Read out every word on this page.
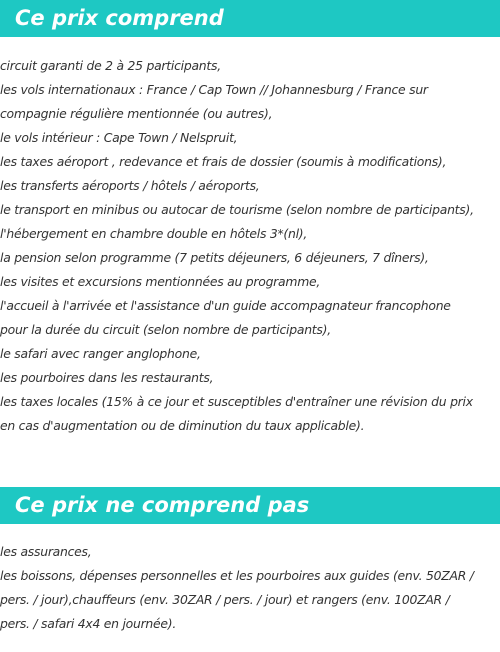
Ce prix comprend
circuit garanti de 2 à 25 participants,
les vols internationaux : France / Cap Town // Johannesburg / France sur
compagnie régulière mentionnée (ou autres),
le vols intérieur : Cape Town / Nelspruit,
les taxes aéroport , redevance et frais de dossier (soumis à modifications),
les transferts aéroports / hôtels / aéroports,
le transport en minibus ou autocar de tourisme (selon nombre de participants),
l'hébergement en chambre double en hôtels 3*(nl),
la pension selon programme (7 petits déjeuners, 6 déjeuners, 7 dîners),
les visites et excursions mentionnées au programme,
l'accueil à l'arrivée et l'assistance d'un guide accompagnateur francophone
pour la durée du circuit (selon nombre de participants),
le safari avec ranger anglophone,
les pourboires dans les restaurants,
les taxes locales (15% à ce jour et susceptibles d'entraîner une révision du prix
en cas d'augmentation ou de diminution du taux applicable).
Ce prix ne comprend pas
les assurances,
les boissons, dépenses personnelles et les pourboires aux guides (env. 50ZAR /
pers. / jour),chauffeurs (env. 30ZAR / pers. / jour) et rangers (env. 100ZAR /
pers. / safari 4x4 en journée).
